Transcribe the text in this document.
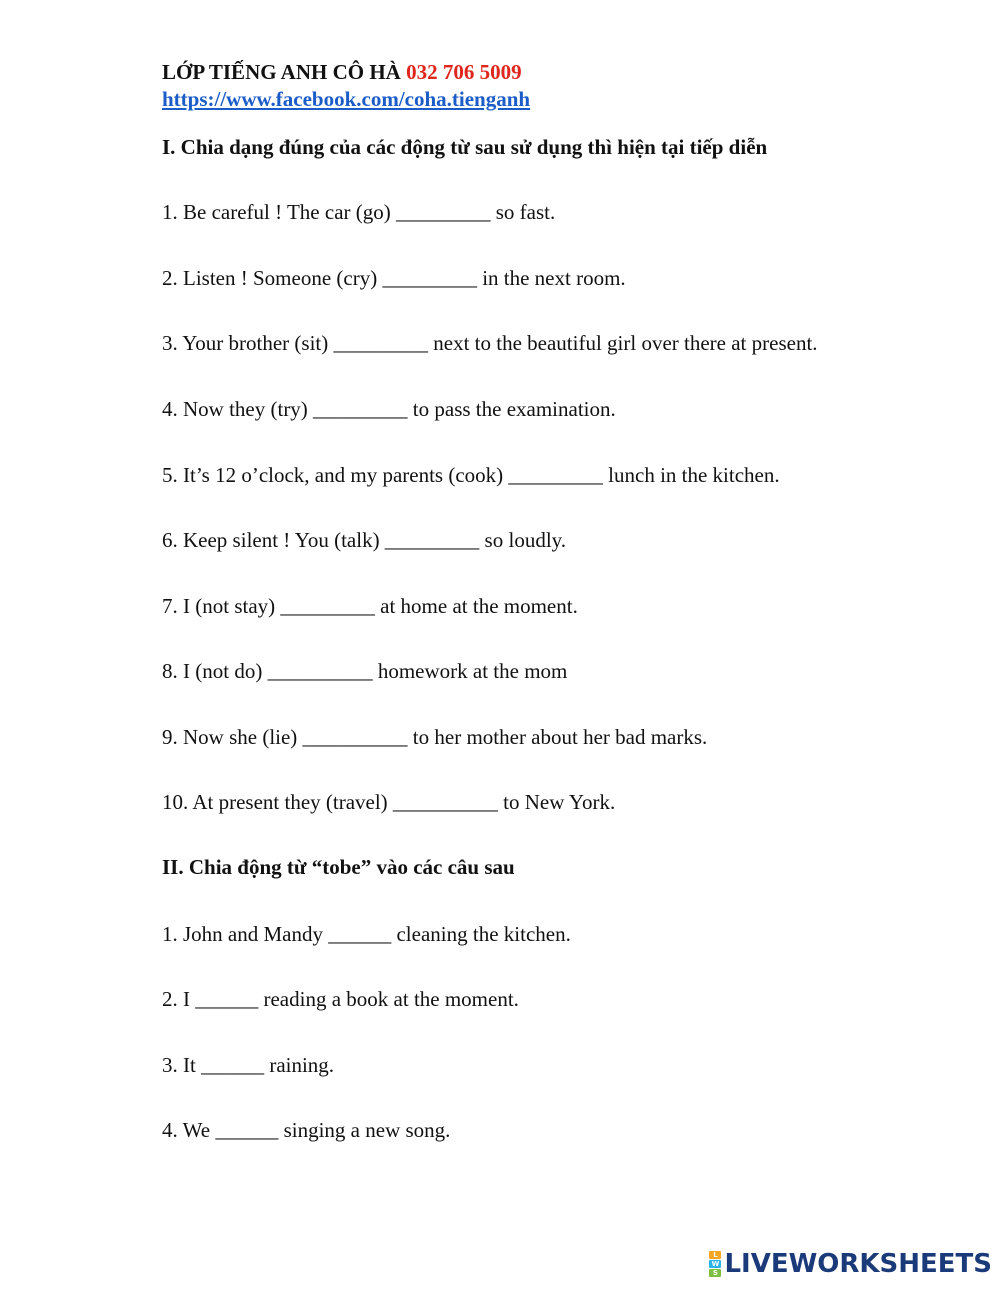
LỚP TIẾNG ANH CÔ HÀ 032 706 5009
https://www.facebook.com/coha.tienganh
I. Chia dạng đúng của các động từ sau sử dụng thì hiện tại tiếp diễn
1. Be careful ! The car (go) _________ so fast.
2. Listen ! Someone (cry) _________ in the next room.
3. Your brother (sit) _________ next to the beautiful girl over there at present.
4. Now they (try) _________ to pass the examination.
5. It’s 12 o’clock, and my parents (cook) _________ lunch in the kitchen.
6. Keep silent ! You (talk) _________ so loudly.
7. I (not stay) _________ at home at the moment.
8. I (not do) __________ homework at the mom
9. Now she (lie) __________ to her mother about her bad marks.
10. At present they (travel) __________ to New York.
II. Chia động từ “tobe” vào các câu sau
1. John and Mandy ______ cleaning the kitchen.
2. I ______ reading a book at the moment.
3. It ______ raining.
4. We ______ singing a new song.
L
W
S LIVEWORKSHEETS
